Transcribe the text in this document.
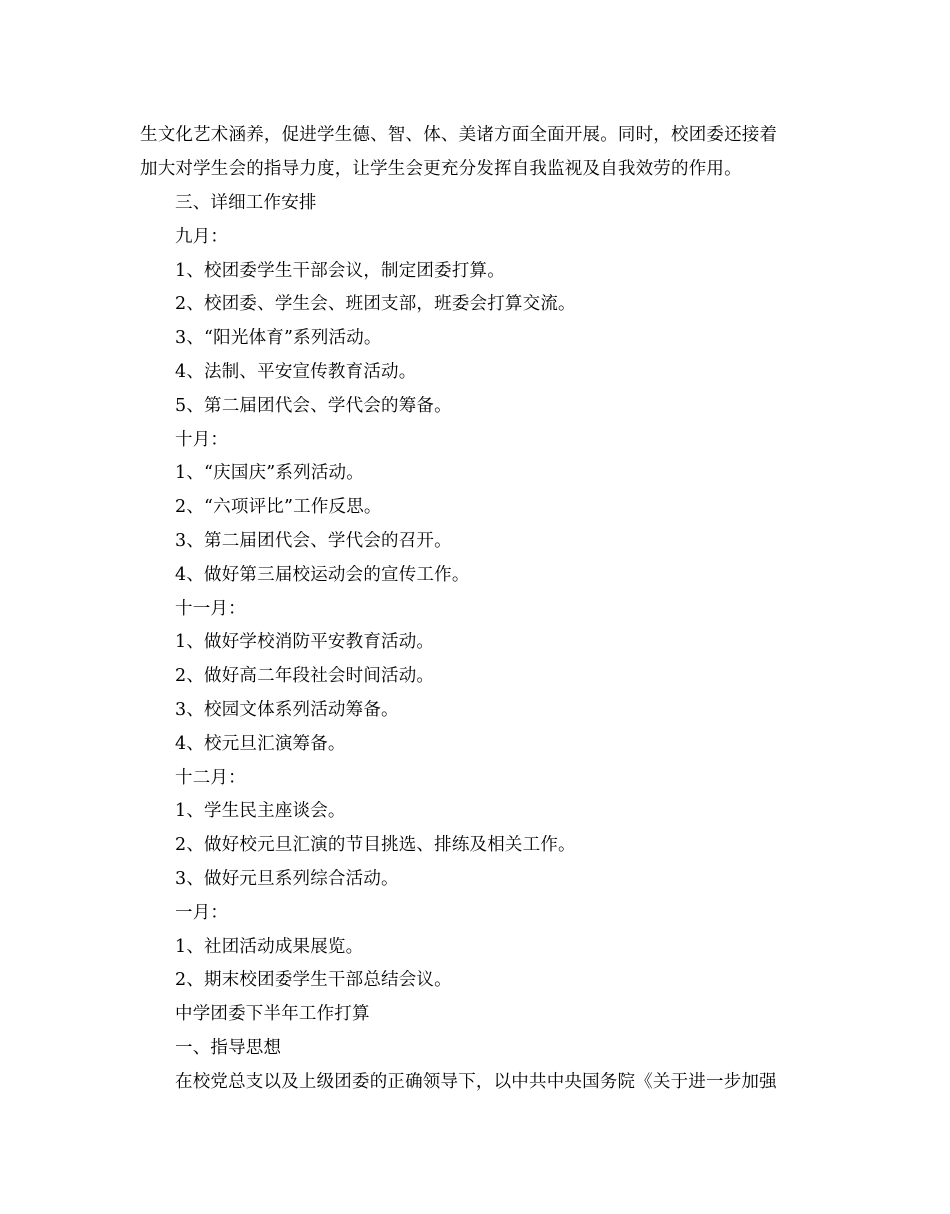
生文化艺术涵养，促进学生德、智、体、美诸方面全面开展。同时，校团委还接着
加大对学生会的指导力度，让学生会更充分发挥自我监视及自我效劳的作用。
三、详细工作安排
九月：
1、校团委学生干部会议，制定团委打算。
2、校团委、学生会、班团支部，班委会打算交流。
3、“阳光体育”系列活动。
4、法制、平安宣传教育活动。
5、第二届团代会、学代会的筹备。
十月：
1、“庆国庆”系列活动。
2、“六项评比”工作反思。
3、第二届团代会、学代会的召开。
4、做好第三届校运动会的宣传工作。
十一月：
1、做好学校消防平安教育活动。
2、做好高二年段社会时间活动。
3、校园文体系列活动筹备。
4、校元旦汇演筹备。
十二月：
1、学生民主座谈会。
2、做好校元旦汇演的节目挑选、排练及相关工作。
3、做好元旦系列综合活动。
一月：
1、社团活动成果展览。
2、期末校团委学生干部总结会议。
中学团委下半年工作打算
一、指导思想
在校党总支以及上级团委的正确领导下，以中共中央国务院《关于进一步加强
